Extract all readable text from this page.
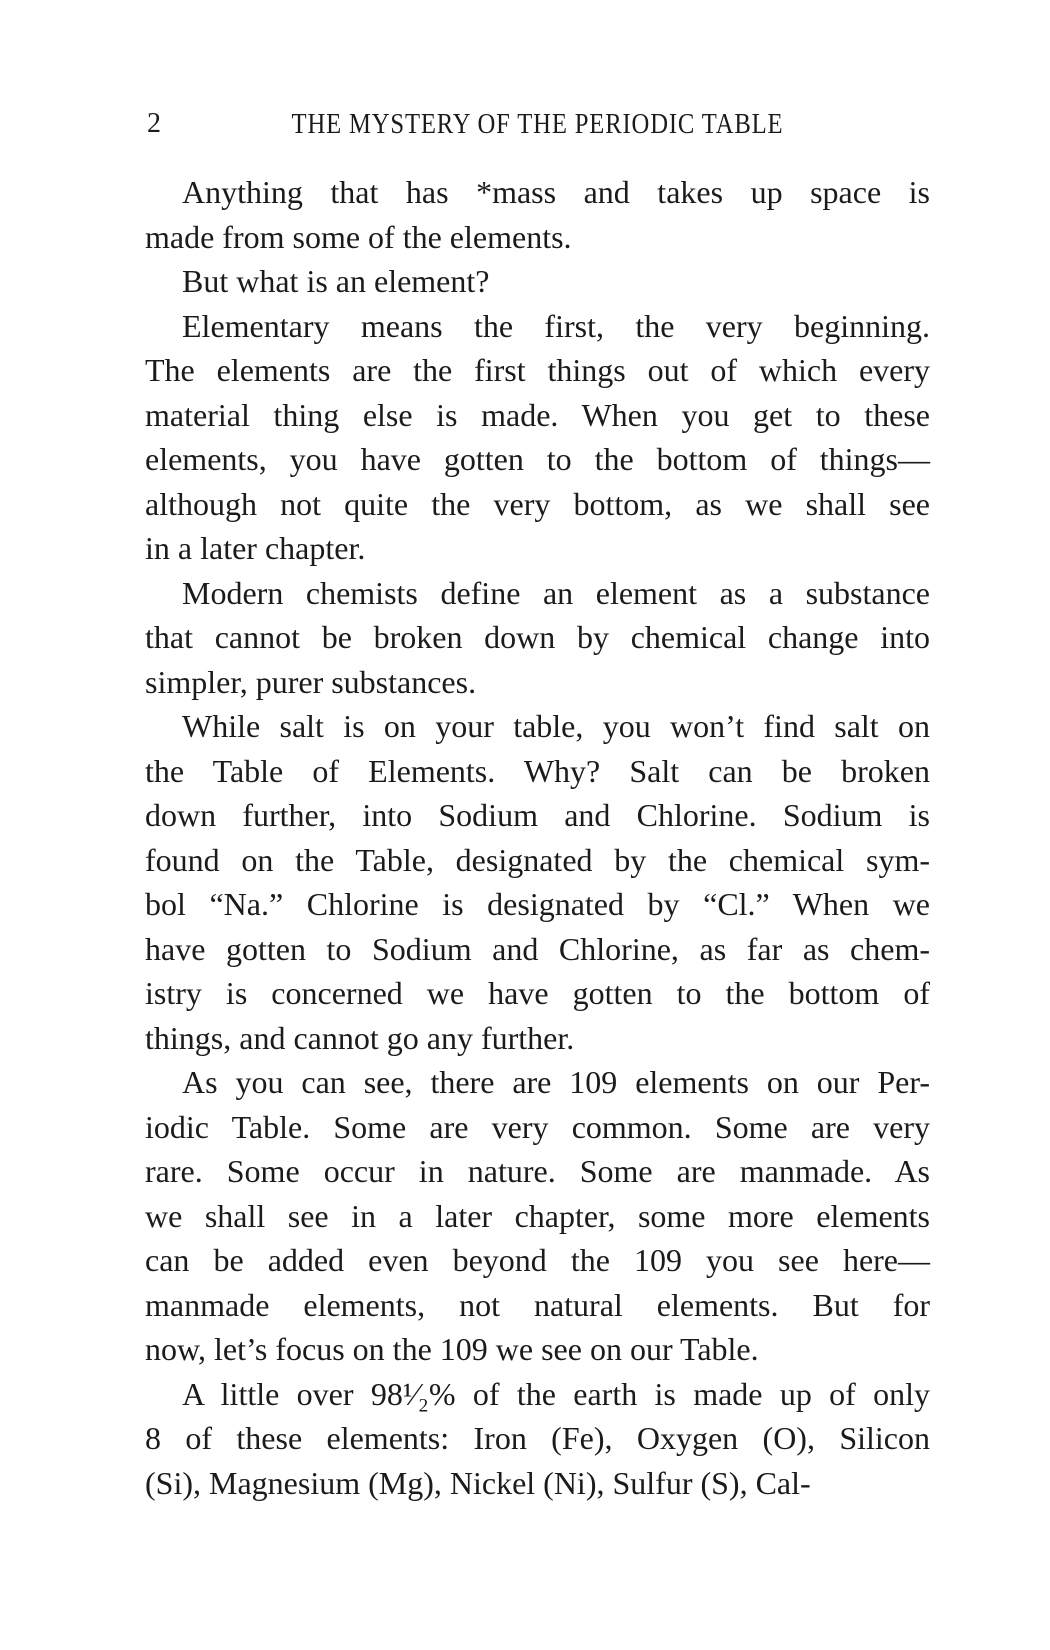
2	THE MYSTERY OF THE PERIODIC TABLE
Anything that has *mass and takes up space is
made from some of the elements.
But what is an element?
Elementary means the first, the very beginning.
The elements are the first things out of which every
material thing else is made. When you get to these
elements, you have gotten to the bottom of things—
although not quite the very bottom, as we shall see
in a later chapter.
Modern chemists define an element as a substance
that cannot be broken down by chemical change into
simpler, purer substances.
While salt is on your table, you won’t find salt on
the Table of Elements. Why? Salt can be broken
down further, into Sodium and Chlorine. Sodium is
found on the Table, designated by the chemical sym-
bol “Na.” Chlorine is designated by “Cl.” When we
have gotten to Sodium and Chlorine, as far as chem-
istry is concerned we have gotten to the bottom of
things, and cannot go any further.
As you can see, there are 109 elements on our Per-
iodic Table. Some are very common. Some are very
rare. Some occur in nature. Some are manmade. As
we shall see in a later chapter, some more elements
can be added even beyond the 109 you see here—
manmade elements, not natural elements. But for
now, let’s focus on the 109 we see on our Table.
A little over 98¹⁄₂% of the earth is made up of only
8 of these elements: Iron (Fe), Oxygen (O), Silicon
(Si), Magnesium (Mg), Nickel (Ni), Sulfur (S), Cal-
